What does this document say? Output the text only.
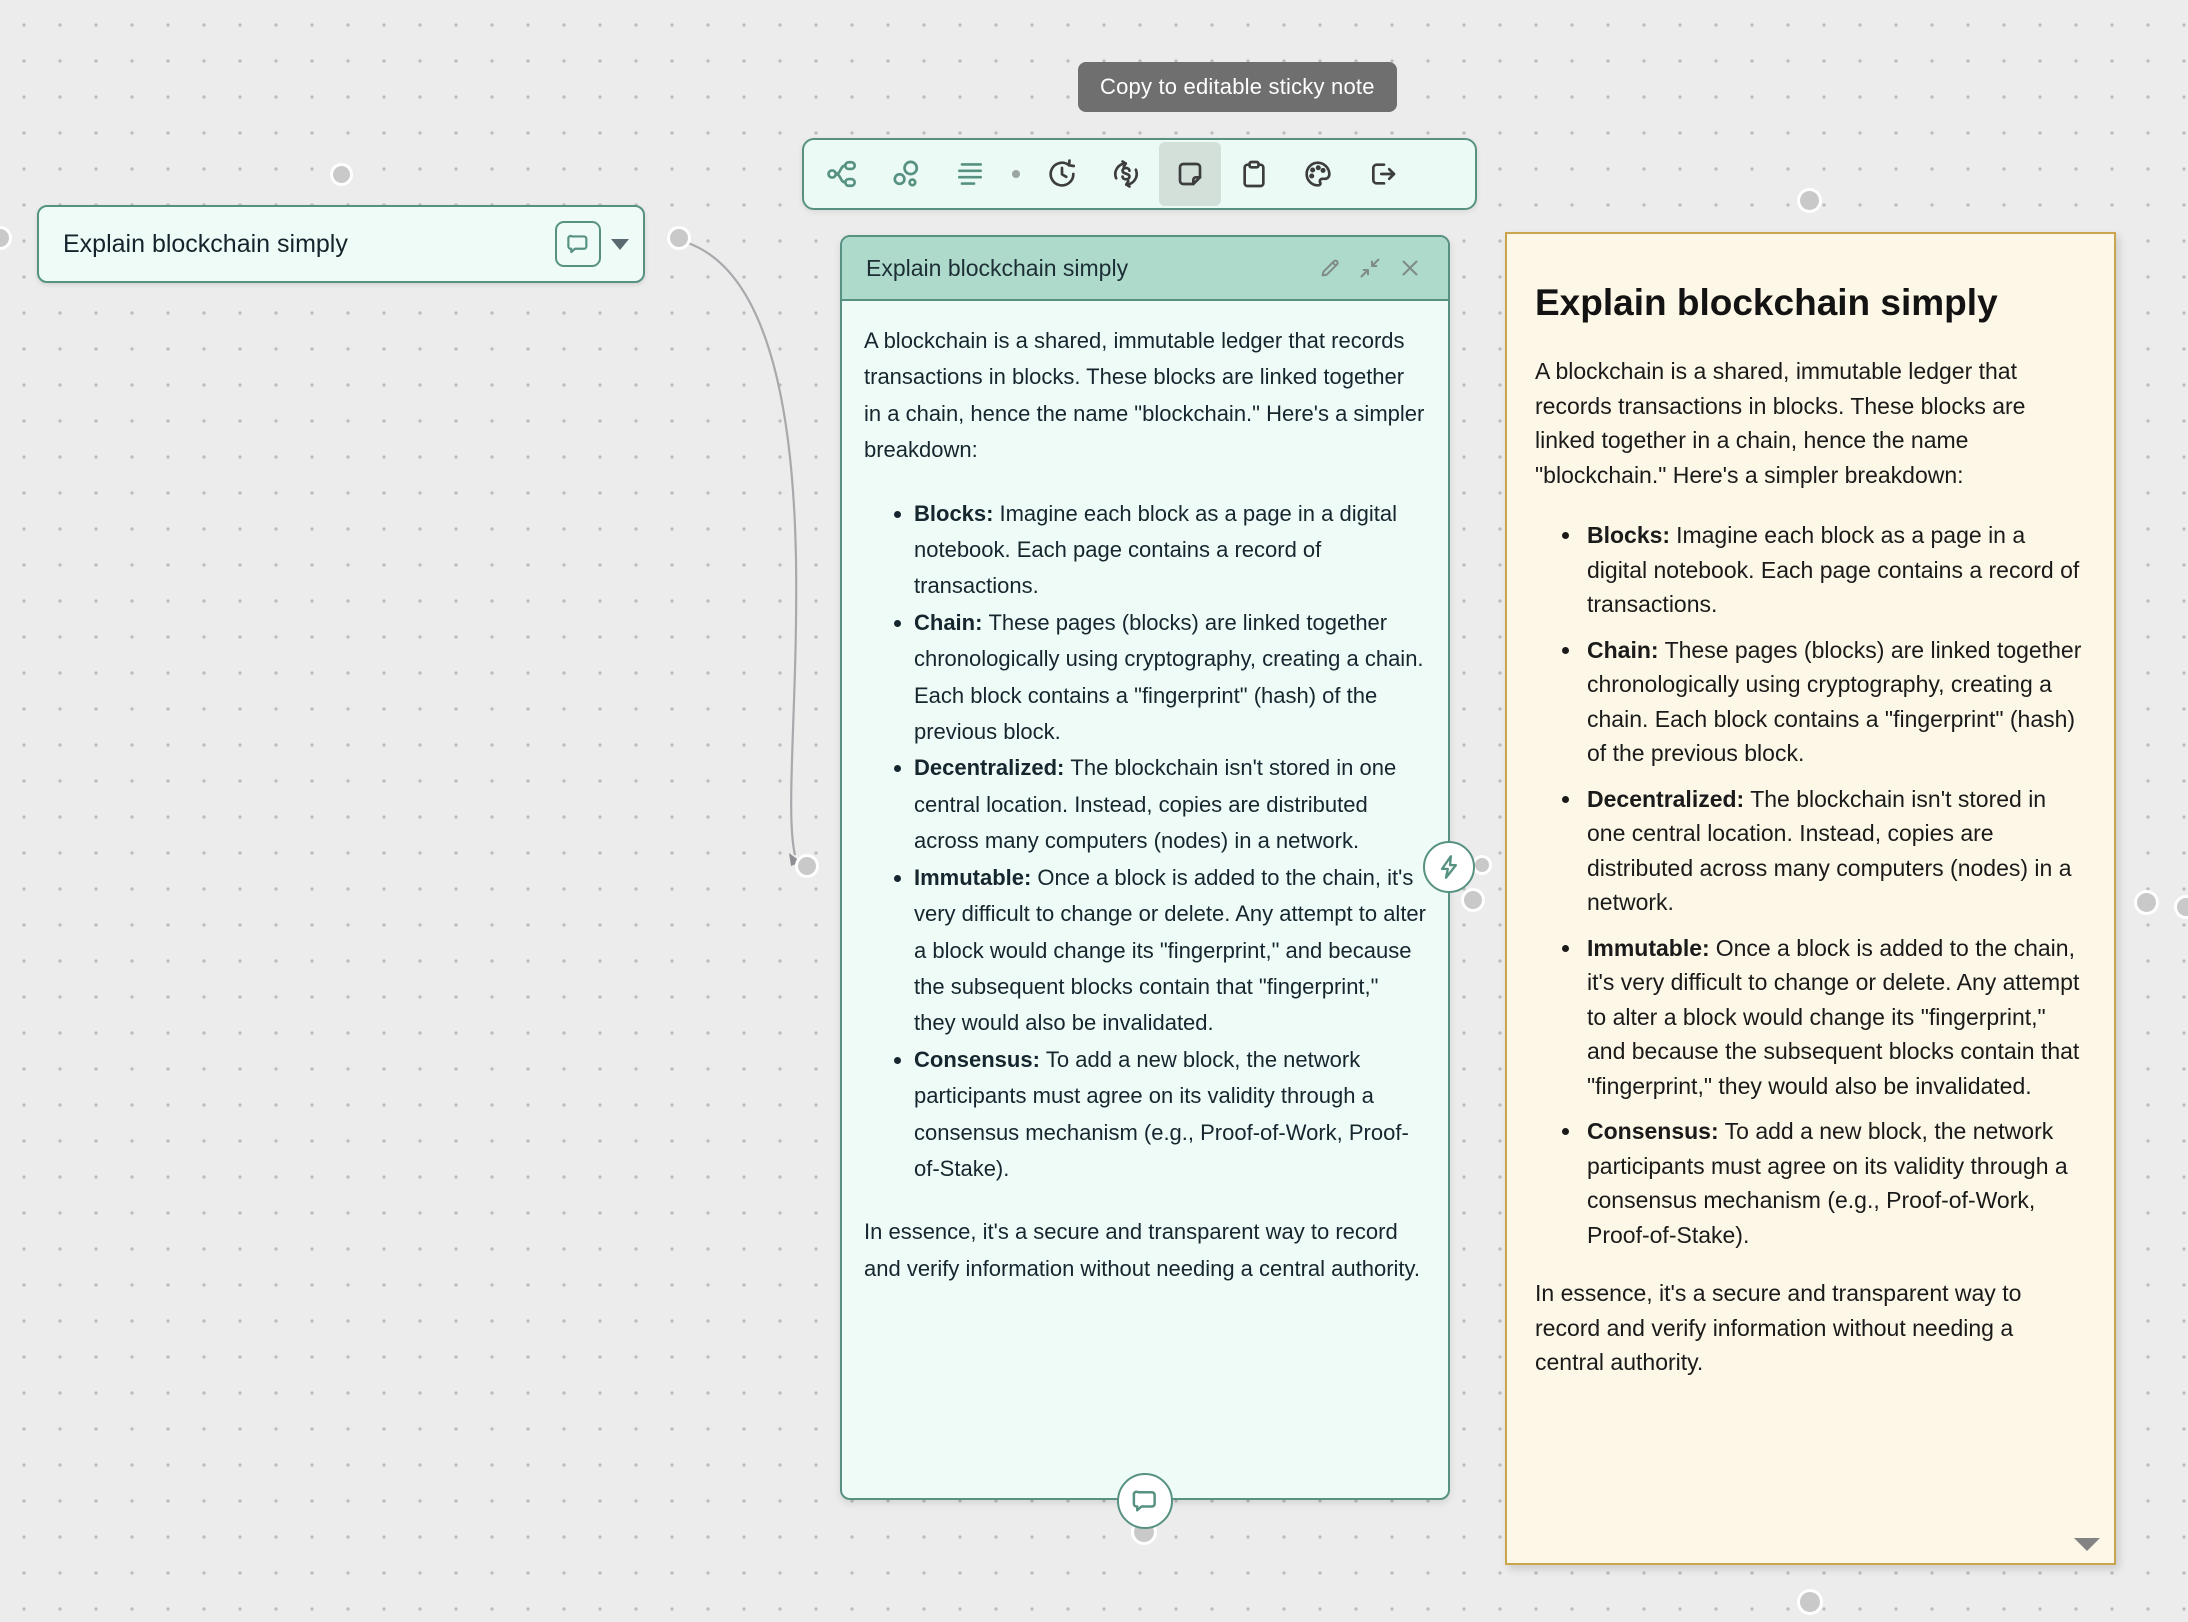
Copy to editable sticky note
Explain blockchain simply
Explain blockchain simply

A blockchain is a shared, immutable ledger that records transactions in blocks. These blocks are linked together in a chain, hence the name "blockchain." Here's a simpler breakdown:

• Blocks: Imagine each block as a page in a digital notebook. Each page contains a record of transactions.
• Chain: These pages (blocks) are linked together chronologically using cryptography, creating a chain. Each block contains a "fingerprint" (hash) of the previous block.
• Decentralized: The blockchain isn't stored in one central location. Instead, copies are distributed across many computers (nodes) in a network.
• Immutable: Once a block is added to the chain, it's very difficult to change or delete. Any attempt to alter a block would change its "fingerprint," and because the subsequent blocks contain that "fingerprint," they would also be invalidated.
• Consensus: To add a new block, the network participants must agree on its validity through a consensus mechanism (e.g., Proof-of-Work, Proof-of-Stake).

In essence, it's a secure and transparent way to record and verify information without needing a central authority.

Explain blockchain simply

A blockchain is a shared, immutable ledger that records transactions in blocks. These blocks are linked together in a chain, hence the name "blockchain." Here's a simpler breakdown:

• Blocks: Imagine each block as a page in a digital notebook. Each page contains a record of transactions.
• Chain: These pages (blocks) are linked together chronologically using cryptography, creating a chain. Each block contains a "fingerprint" (hash) of the previous block.
• Decentralized: The blockchain isn't stored in one central location. Instead, copies are distributed across many computers (nodes) in a network.
• Immutable: Once a block is added to the chain, it's very difficult to change or delete. Any attempt to alter a block would change its "fingerprint," and because the subsequent blocks contain that "fingerprint," they would also be invalidated.
• Consensus: To add a new block, the network participants must agree on its validity through a consensus mechanism (e.g., Proof-of-Work, Proof-of-Stake).

In essence, it's a secure and transparent way to record and verify information without needing a central authority.
